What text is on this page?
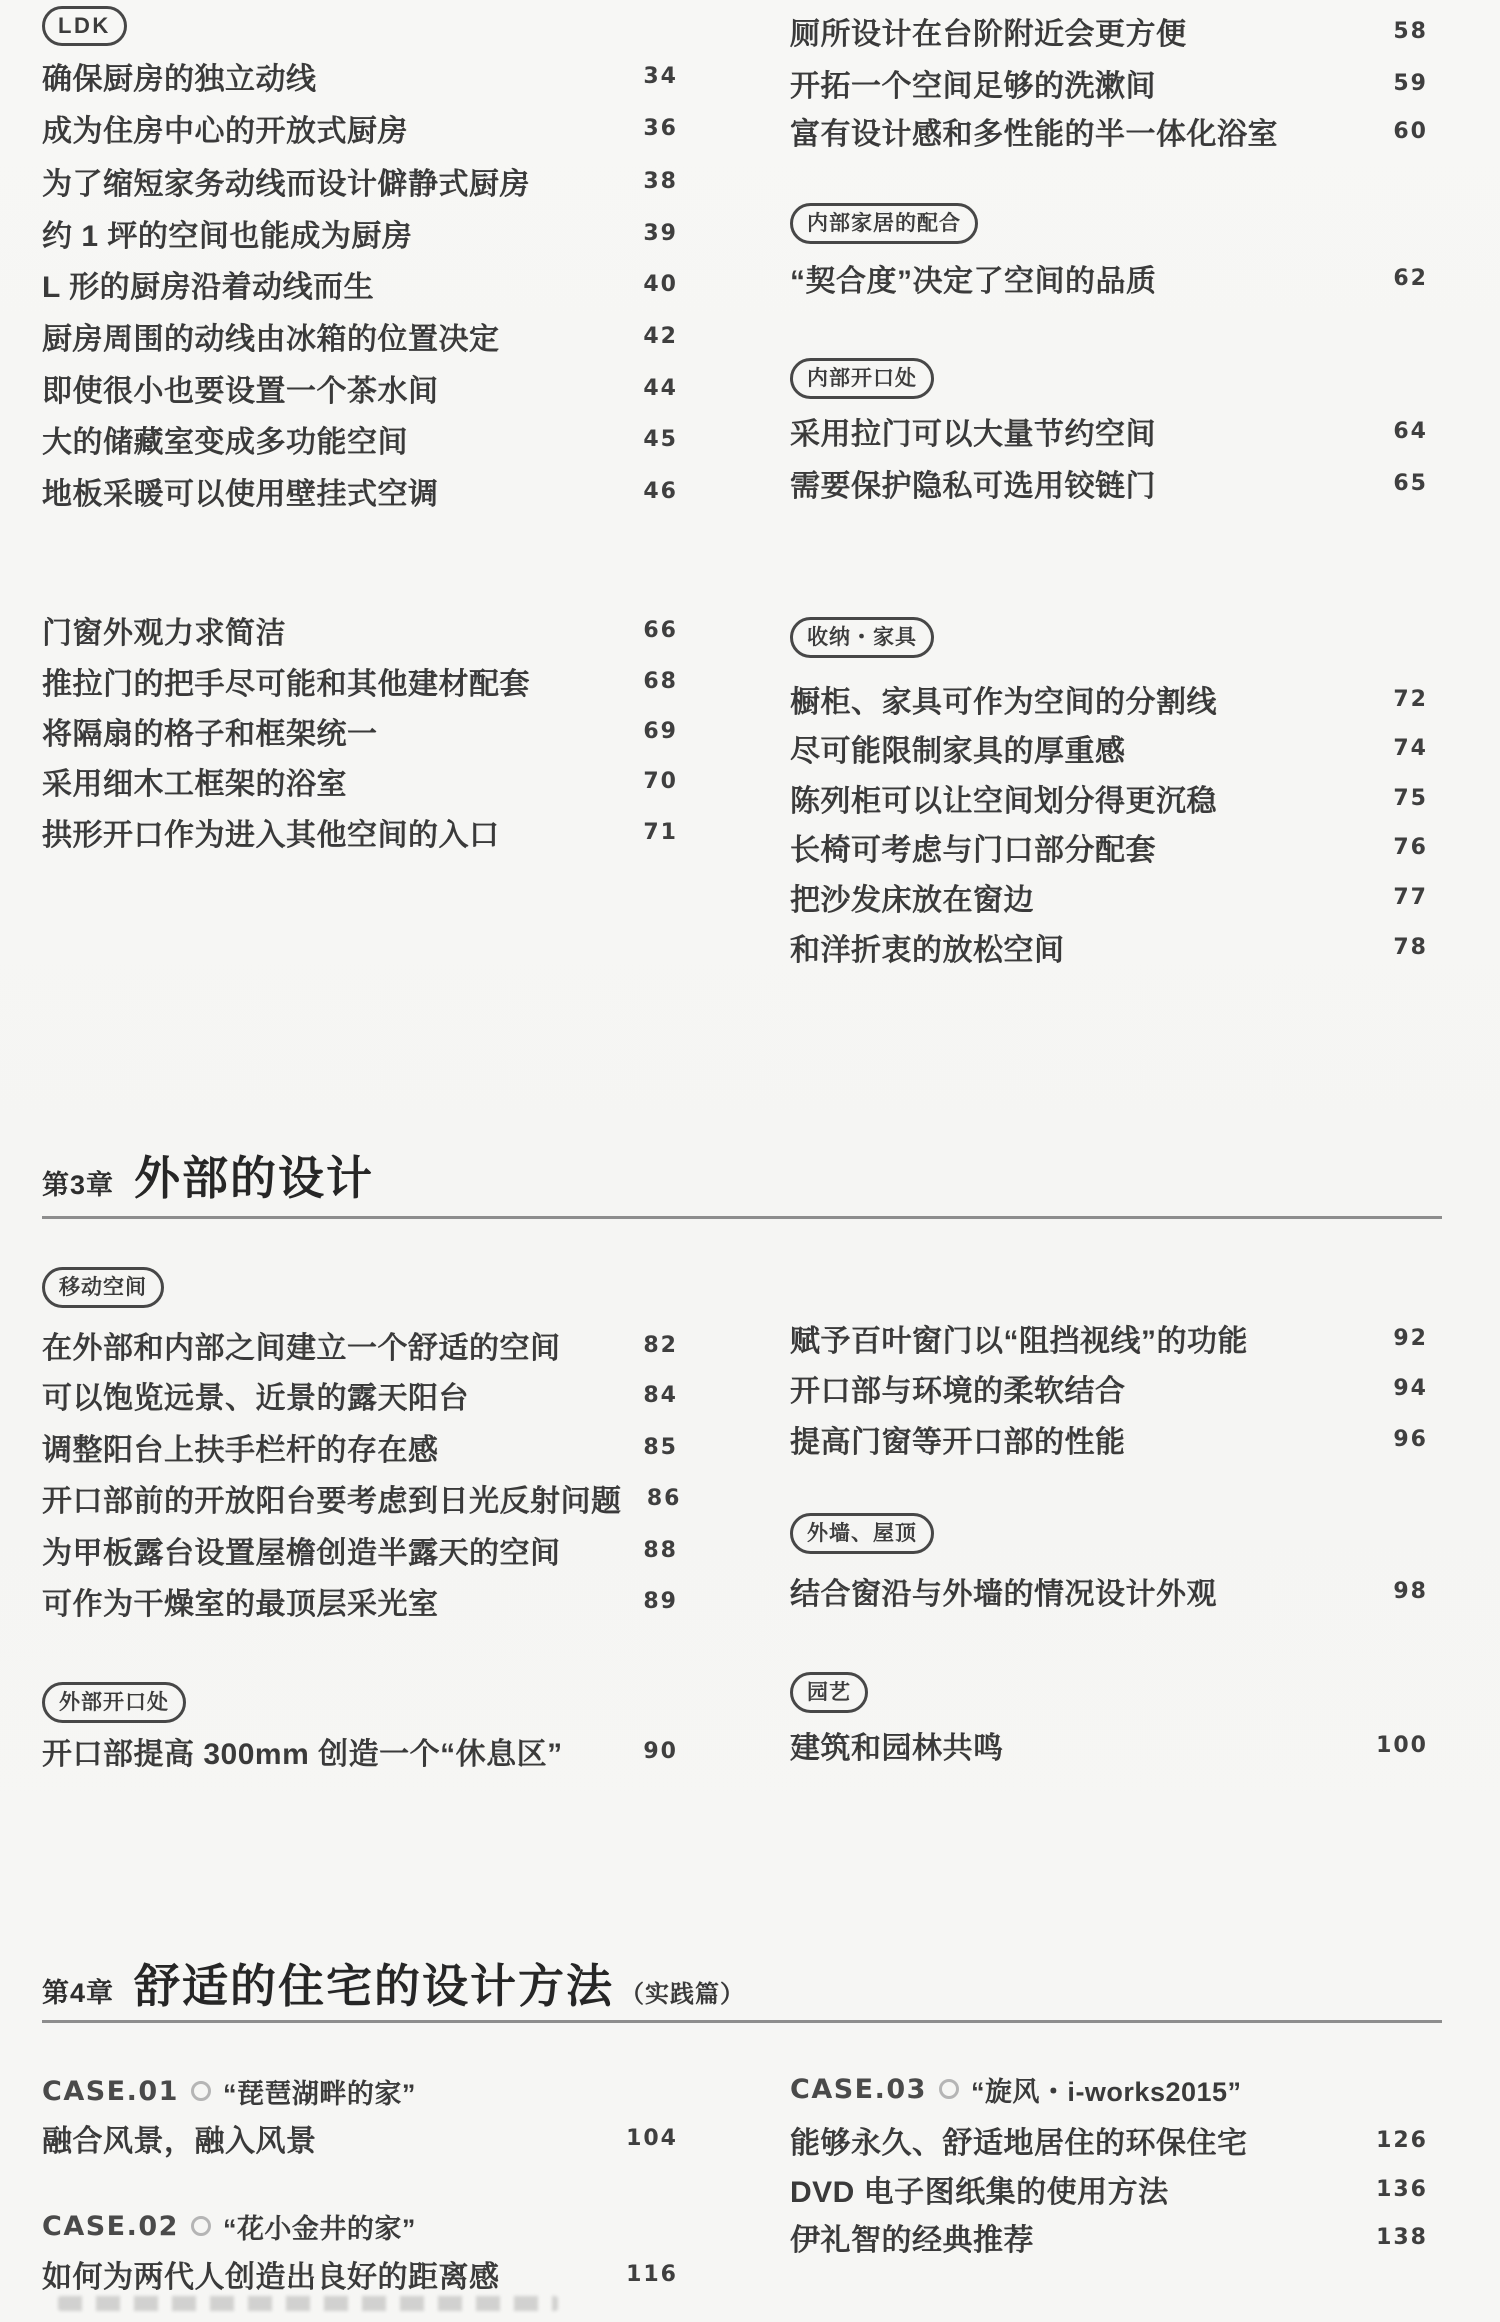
LDK
确保厨房的独立动线	34
成为住房中心的开放式厨房	36
为了缩短家务动线而设计僻静式厨房	38
约 1 坪的空间也能成为厨房	39
L 形的厨房沿着动线而生	40
厨房周围的动线由冰箱的位置决定	42
即使很小也要设置一个茶水间	44
大的储藏室变成多功能空间	45
地板采暖可以使用壁挂式空调	46
门窗外观力求简洁	66
推拉门的把手尽可能和其他建材配套	68
将隔扇的格子和框架统一	69
采用细木工框架的浴室	70
拱形开口作为进入其他空间的入口	71
厕所设计在台阶附近会更方便	58
开拓一个空间足够的洗漱间	59
富有设计感和多性能的半一体化浴室	60
内部家居的配合
“契合度”决定了空间的品质	62
内部开口处
采用拉门可以大量节约空间	64
需要保护隐私可选用铰链门	65
收纳・家具
橱柜、家具可作为空间的分割线	72
尽可能限制家具的厚重感	74
陈列柜可以让空间划分得更沉稳	75
长椅可考虑与门口部分配套	76
把沙发床放在窗边	77
和洋折衷的放松空间	78
第3章 外部的设计
移动空间
在外部和内部之间建立一个舒适的空间	82
可以饱览远景、近景的露天阳台	84
调整阳台上扶手栏杆的存在感	85
开口部前的开放阳台要考虑到日光反射问题	86
为甲板露台设置屋檐创造半露天的空间	88
可作为干燥室的最顶层采光室	89
外部开口处
开口部提高 300mm 创造一个“休息区”	90
赋予百叶窗门以“阻挡视线”的功能	92
开口部与环境的柔软结合	94
提高门窗等开口部的性能	96
外墙、屋顶
结合窗沿与外墙的情况设计外观	98
园艺
建筑和园林共鸣	100
第4章 舒适的住宅的设计方法 （实践篇）
CASE.01 “琵琶湖畔的家”
融合风景，融入风景	104
CASE.02 “花小金井的家”
如何为两代人创造出良好的距离感	116
CASE.03 “旋风・i-works2015”
能够永久、舒适地居住的环保住宅	126
DVD 电子图纸集的使用方法	136
伊礼智的经典推荐	138
